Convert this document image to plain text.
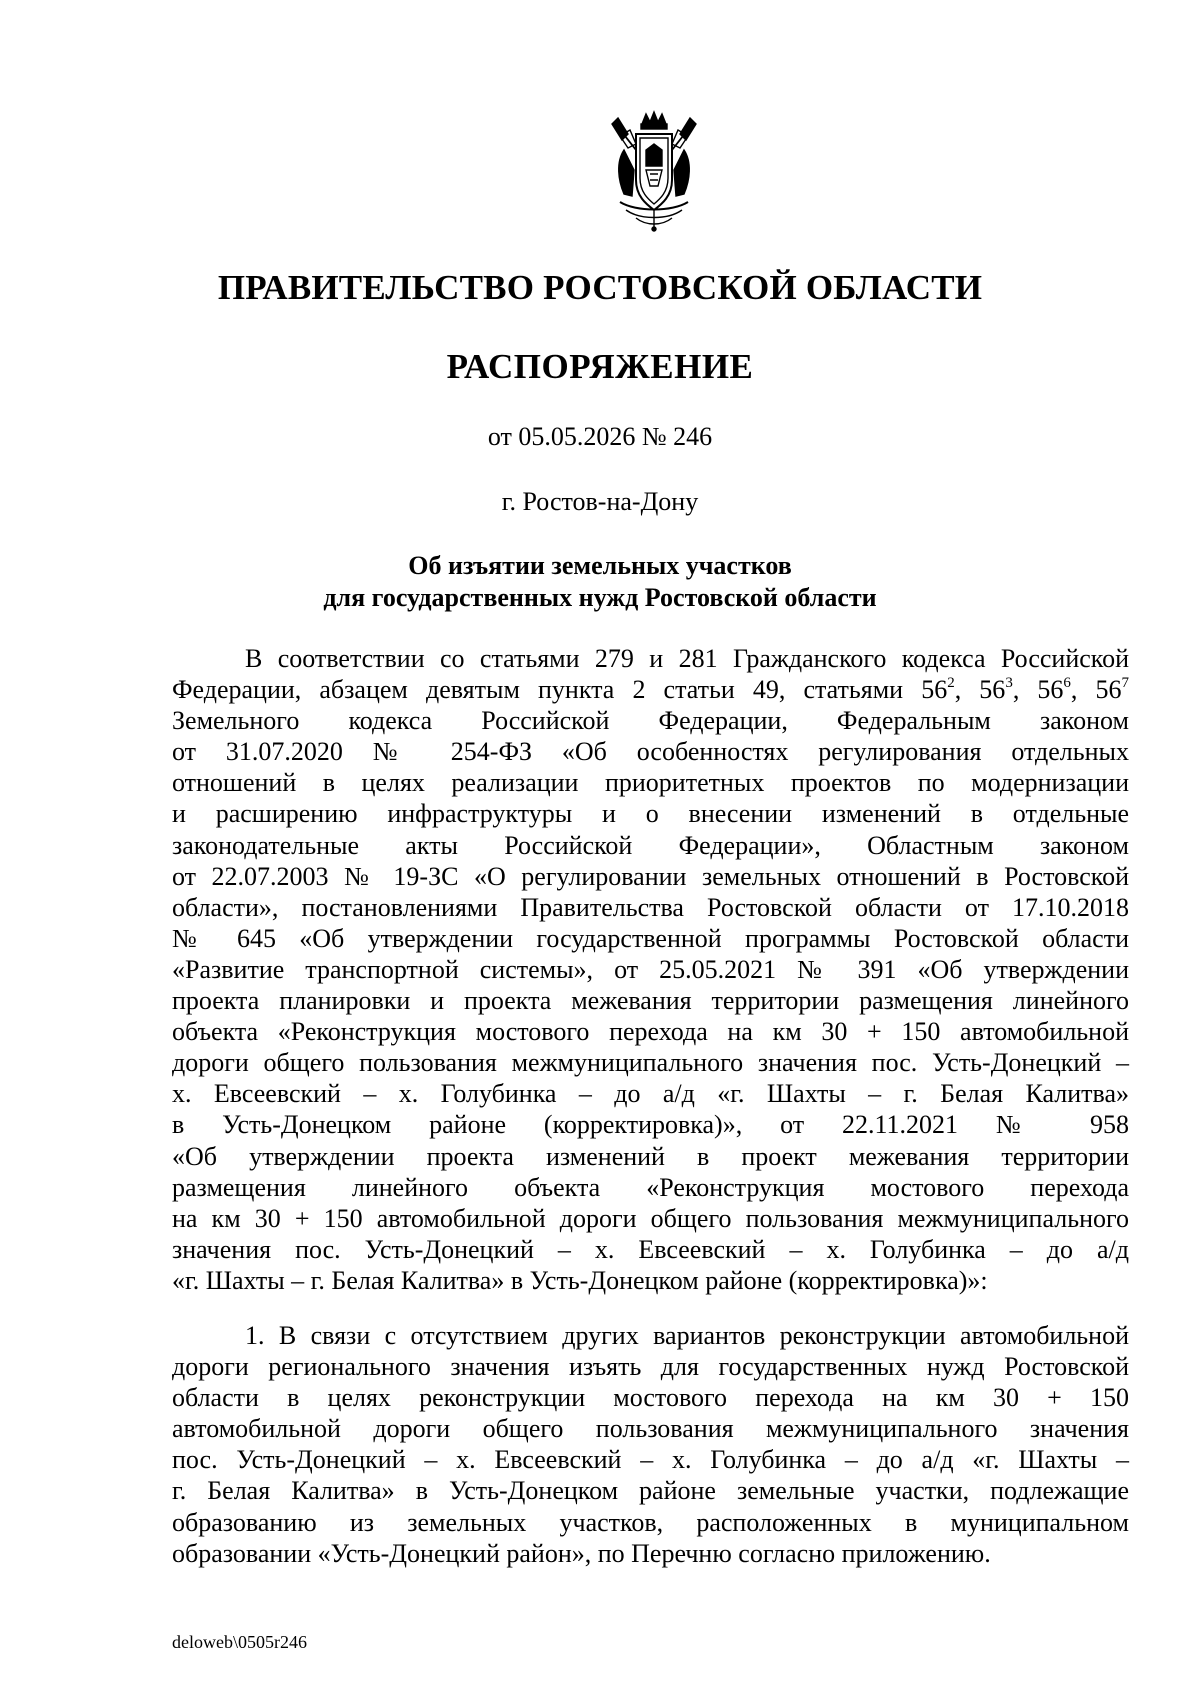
ПРАВИТЕЛЬСТВО РОСТОВСКОЙ ОБЛАСТИ
РАСПОРЯЖЕНИЕ
от 05.05.2026 № 246
г. Ростов-на-Дону
Об изъятии земельных участков
для государственных нужд Ростовской области
В соответствии со статьями 279 и 281 Гражданского кодекса Российской
Федерации, абзацем девятым пункта 2 статьи 49, статьями $56^2$, $56^3$, $56^6$, $56^7$
Земельного кодекса Российской Федерации, Федеральным законом
от 31.07.2020 № 254-ФЗ «Об особенностях регулирования отдельных
отношений в целях реализации приоритетных проектов по модернизации
и расширению инфраструктуры и о внесении изменений в отдельные
законодательные акты Российской Федерации», Областным законом
от 22.07.2003 № 19-ЗС «О регулировании земельных отношений в Ростовской
области», постановлениями Правительства Ростовской области от 17.10.2018
№ 645 «Об утверждении государственной программы Ростовской области
«Развитие транспортной системы», от 25.05.2021 № 391 «Об утверждении
проекта планировки и проекта межевания территории размещения линейного
объекта «Реконструкция мостового перехода на км 30 + 150 автомобильной
дороги общего пользования межмуниципального значения пос. Усть-Донецкий –
х. Евсеевский – х. Голубинка – до а/д «г. Шахты – г. Белая Калитва»
в Усть-Донецком районе (корректировка)», от 22.11.2021 № 958
«Об утверждении проекта изменений в проект межевания территории
размещения линейного объекта «Реконструкция мостового перехода
на км 30 + 150 автомобильной дороги общего пользования межмуниципального
значения пос. Усть-Донецкий – х. Евсеевский – х. Голубинка – до а/д
«г. Шахты – г. Белая Калитва» в Усть-Донецком районе (корректировка)»:
1. В связи с отсутствием других вариантов реконструкции автомобильной
дороги регионального значения изъять для государственных нужд Ростовской
области в целях реконструкции мостового перехода на км 30 + 150
автомобильной дороги общего пользования межмуниципального значения
пос. Усть-Донецкий – х. Евсеевский – х. Голубинка – до а/д «г. Шахты –
г. Белая Калитва» в Усть-Донецком районе земельные участки, подлежащие
образованию из земельных участков, расположенных в муниципальном
образовании «Усть-Донецкий район», по Перечню согласно приложению.
deloweb\0505r246
